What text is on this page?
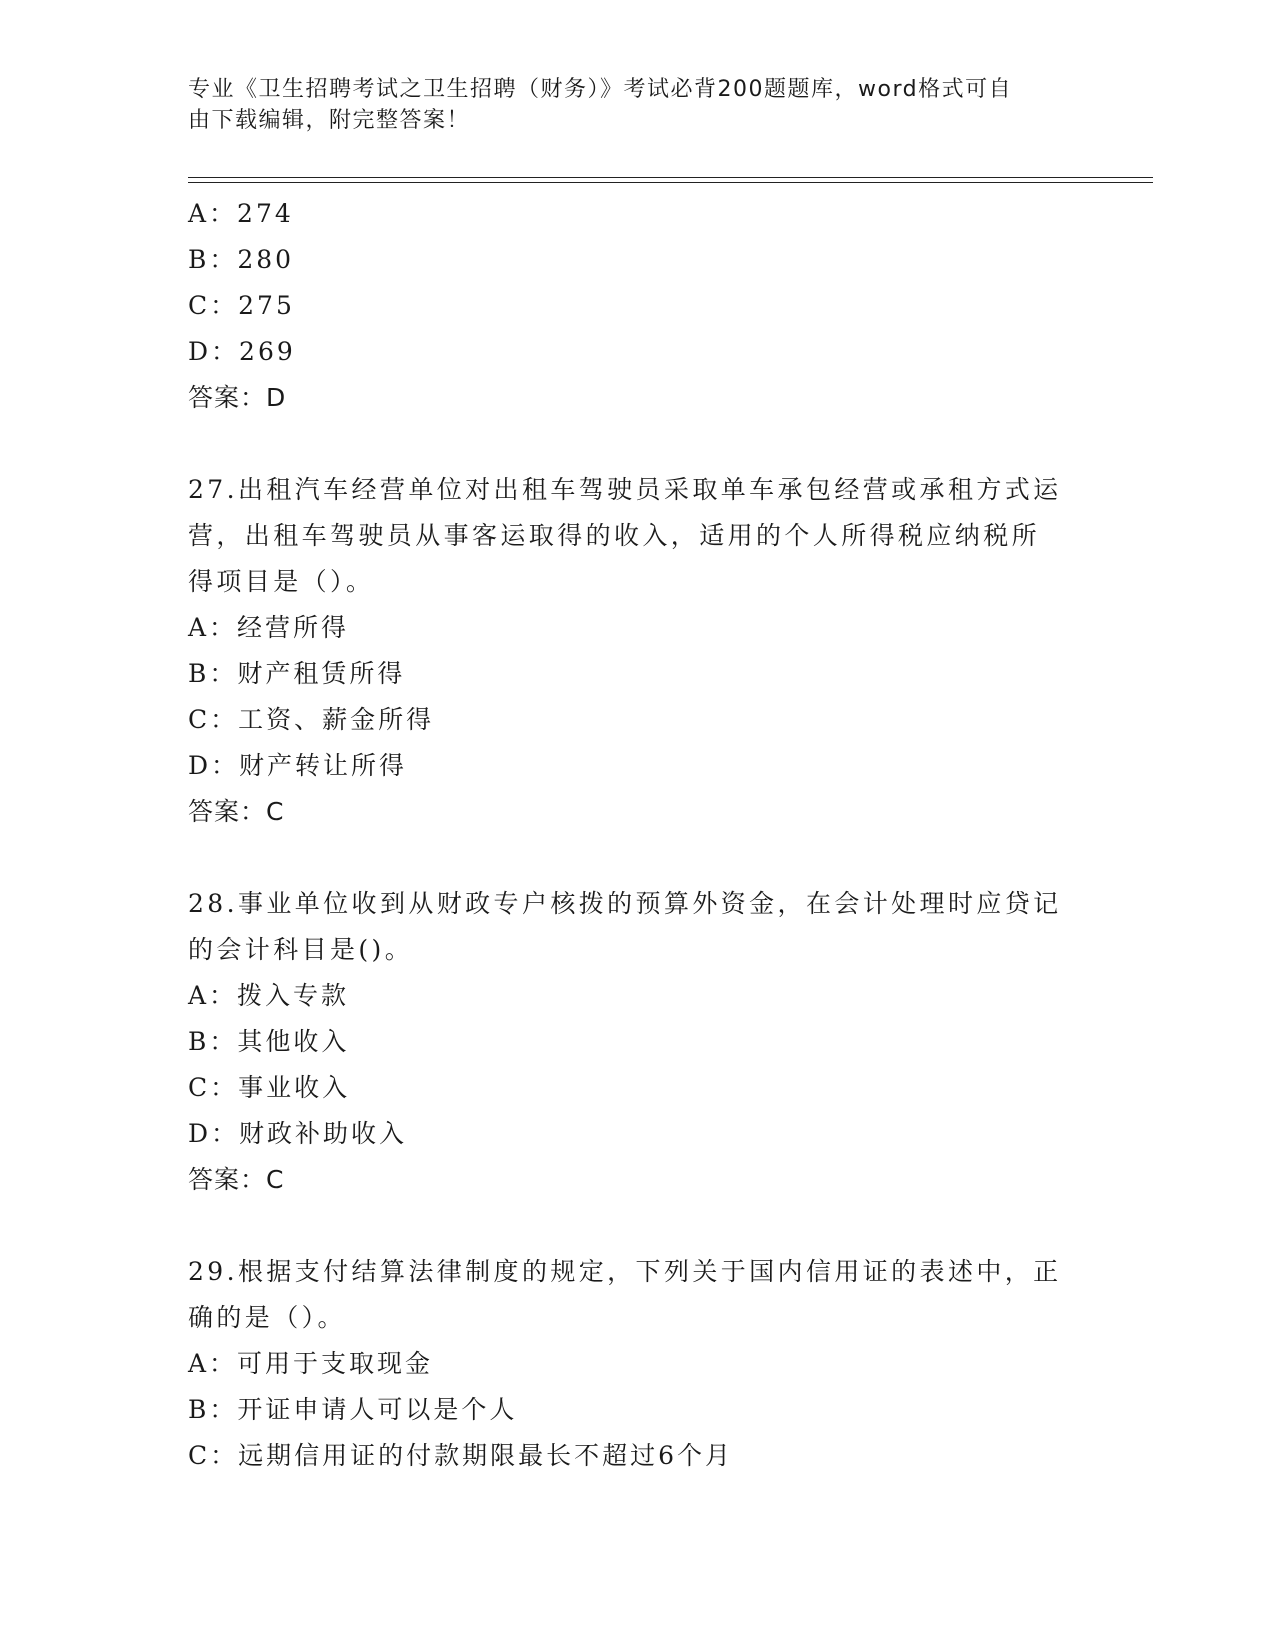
专业《卫生招聘考试之卫生招聘（财务）》考试必背200题题库，word格式可自
由下载编辑，附完整答案！
A：274
B：280
C：275
D：269
答案：D
27.出租汽车经营单位对出租车驾驶员采取单车承包经营或承租方式运
营，出租车驾驶员从事客运取得的收入，适用的个人所得税应纳税所
得项目是（）。
A：经营所得
B：财产租赁所得
C：工资、薪金所得
D：财产转让所得
答案：C
28.事业单位收到从财政专户核拨的预算外资金，在会计处理时应贷记
的会计科目是()。
A：拨入专款
B：其他收入
C：事业收入
D：财政补助收入
答案：C
29.根据支付结算法律制度的规定，下列关于国内信用证的表述中，正
确的是（）。
A：可用于支取现金
B：开证申请人可以是个人
C：远期信用证的付款期限最长不超过6个月
